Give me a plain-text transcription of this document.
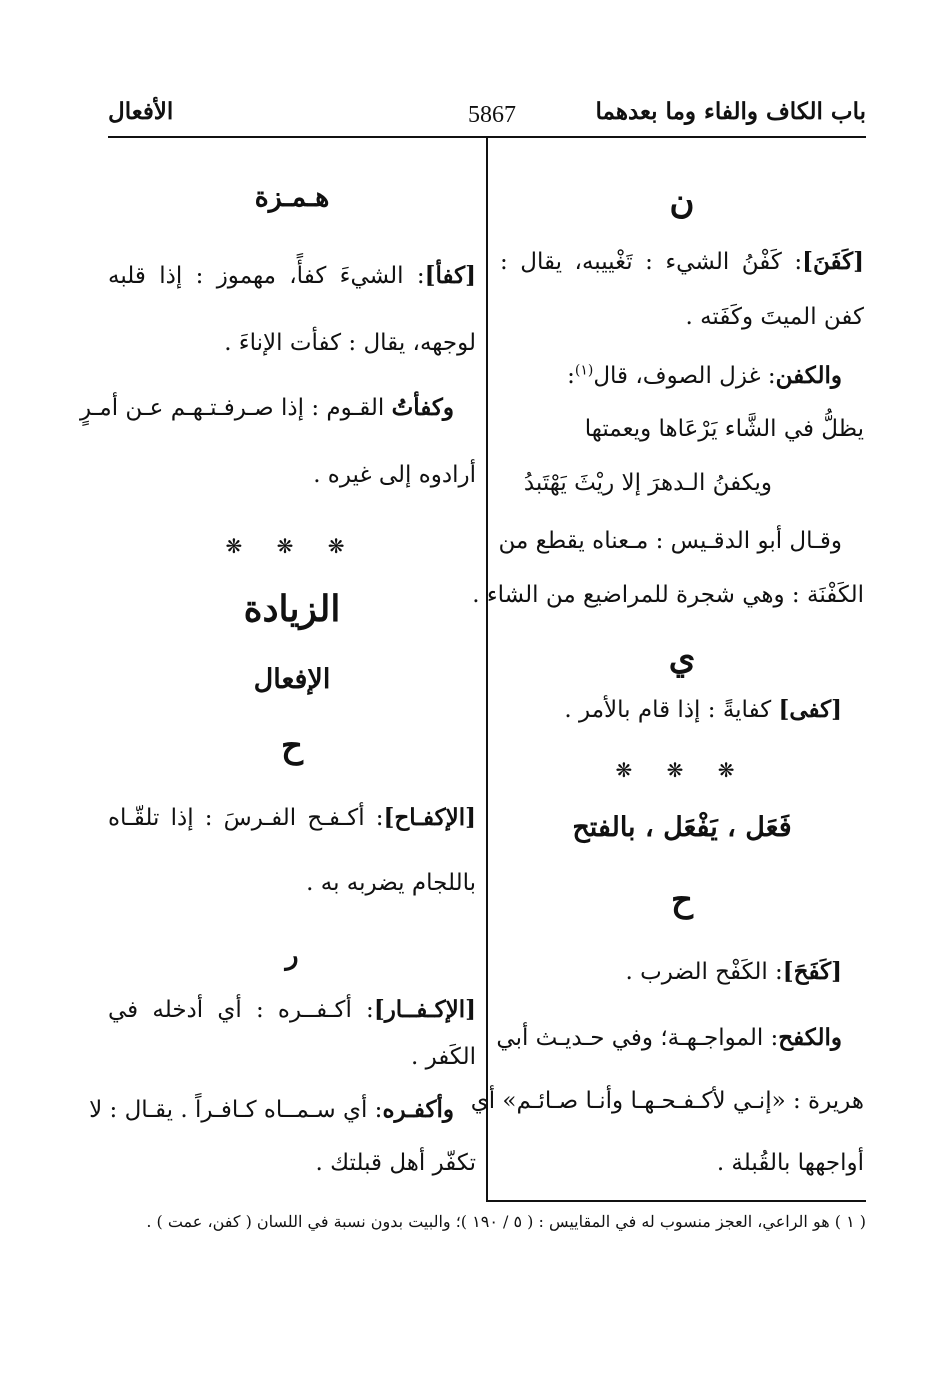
باب الكاف والفاء وما بعدهما
5867
الأفعال
ن
[كَفَنَ]: كَفْنُ الشيء : تَغْييبه، يقال :
كفن الميتَ وكَفَته .
والكفن: غزل الصوف، قال$^{(١)}$:
يظلُّ في الشَّاء يَرْعَاها ويعمتها
ويكفنُ الـدهرَ إلا ريْثَ يَهْتَبدُ
وقـال أبو الدقـيس : مـعناه يقطع من
الكَفْنَة : وهي شجرة للمراضيع من الشاء .
ي
[كفى] كفايةً : إذا قام بالأمر .
❋ ❋ ❋
فَعَل ، يَفْعَل ، بالفتح
ح
[كَفَحَ]: الكَفْح الضرب .
والكفح: المواجـهـة؛ وفي حـديـث أبي
هريرة : «إنـي لأكـفـحـهـا وأنـا صـائـم» أي
أواجهها بالقُبلة .
هـمـزة
[كفأ]: الشيءَ كفأً، مهموز : إذا قلبه
لوجهه، يقال : كفأت الإناءَ .
وكفأتُ القـوم : إذا صـرفـتـهـم عـن أمـرٍ
أرادوه إلى غيره .
❋ ❋ ❋
الزيادة
الإفعال
ح
[الإكفـاح]: أكـفـح الفـرسَ : إذا تلقّـاه
باللجام يضربه به .
ر
[الإكـفــار]: أكـفــره : أي أدخله في
الكَفر .
وأكفـره: أي سـمــاه كـافـراً . يقـال : لا
تكفّر أهل قبلتك .
( ١ ) هو الراعي، العجز منسوب له في المقاييس : ( ٥ / ١٩٠ )؛ والبيت بدون نسبة في اللسان ( كفن، عمت ) .
